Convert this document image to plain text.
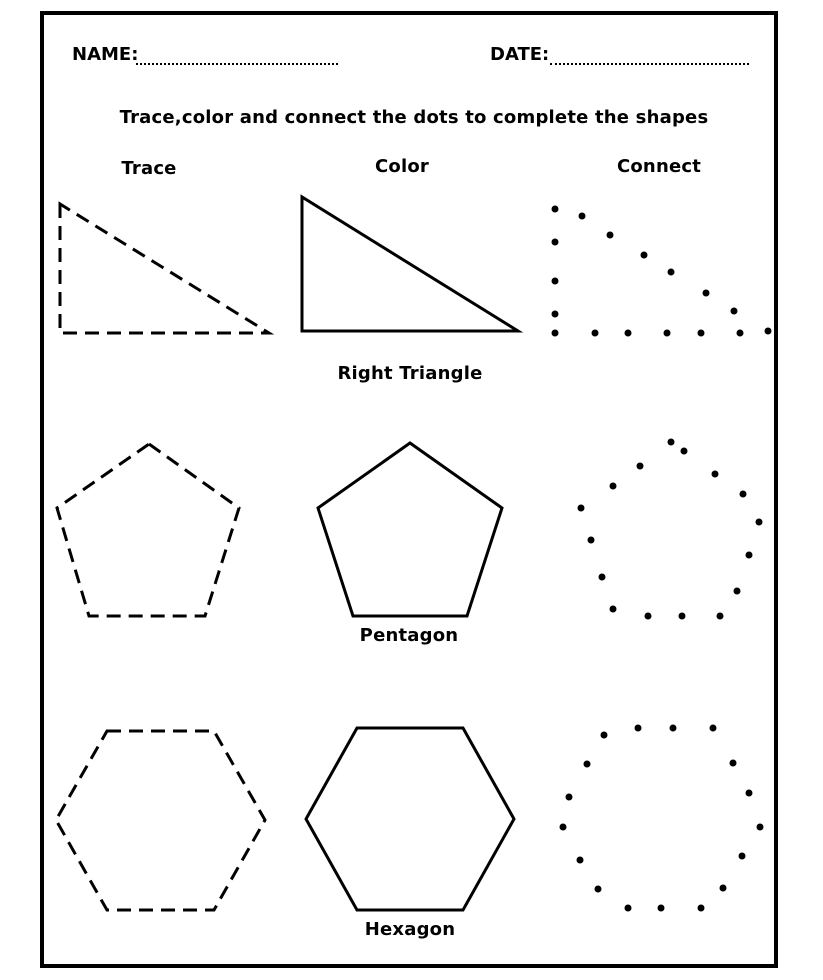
NAME:	DATE:
Trace,color and connect the dots to complete the shapes
Trace	Color	Connect
Right Triangle
Pentagon
Hexagon
